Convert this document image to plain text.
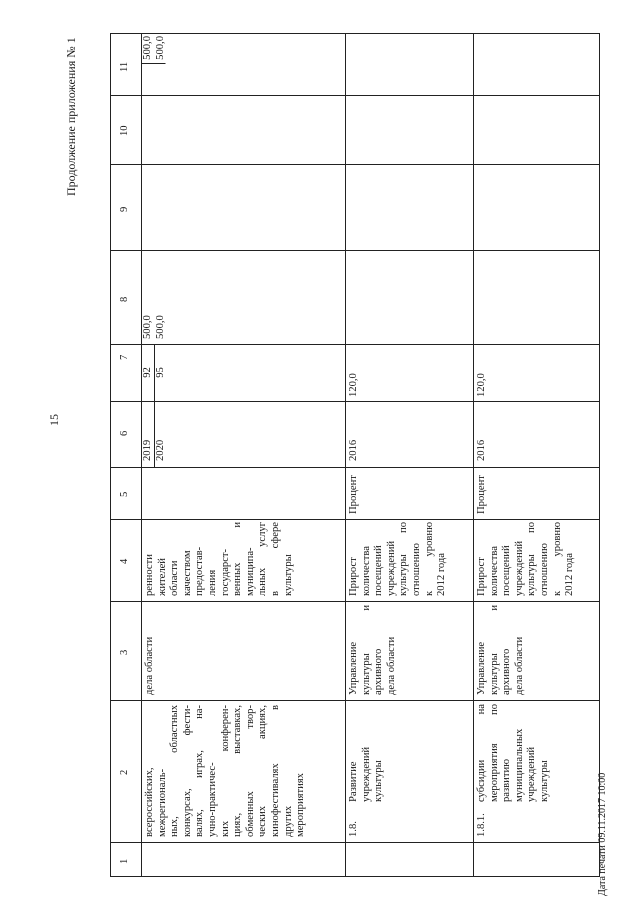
15
Продолжение приложения № 1
Дата печати 09.11.2017 10:00
1
2
3
4
5
6
7
8
9
10
11
всероссийских, межрегиональ- ных, областных конкурсах, фести- валях, играх, на- учно-практичес- ких конферен- циях, выставках, обменных твор- ческих акциях, кинофестивалях в других мероприятиях
дела области
ренности жителей области качеством предостав- ления государст- венных и муниципа- льных услуг в сфере культуры
2019 2020
92 95
500,0 500,0
500,0 500,0
1.8.
Развитие учреждений культуры
Управление культуры и архивного дела области
Прирост количества посещений учреждений культуры по отношению к уровню 2012 года
Процент
2016
120,0
1.8.1.
субсидии на мероприятия по развитию муниципальных учреждений культуры
Управление культуры и архивного дела области
Прирост количества посещений учреждений культуры по отношению к уровню 2012 года
Процент
2016
120,0
